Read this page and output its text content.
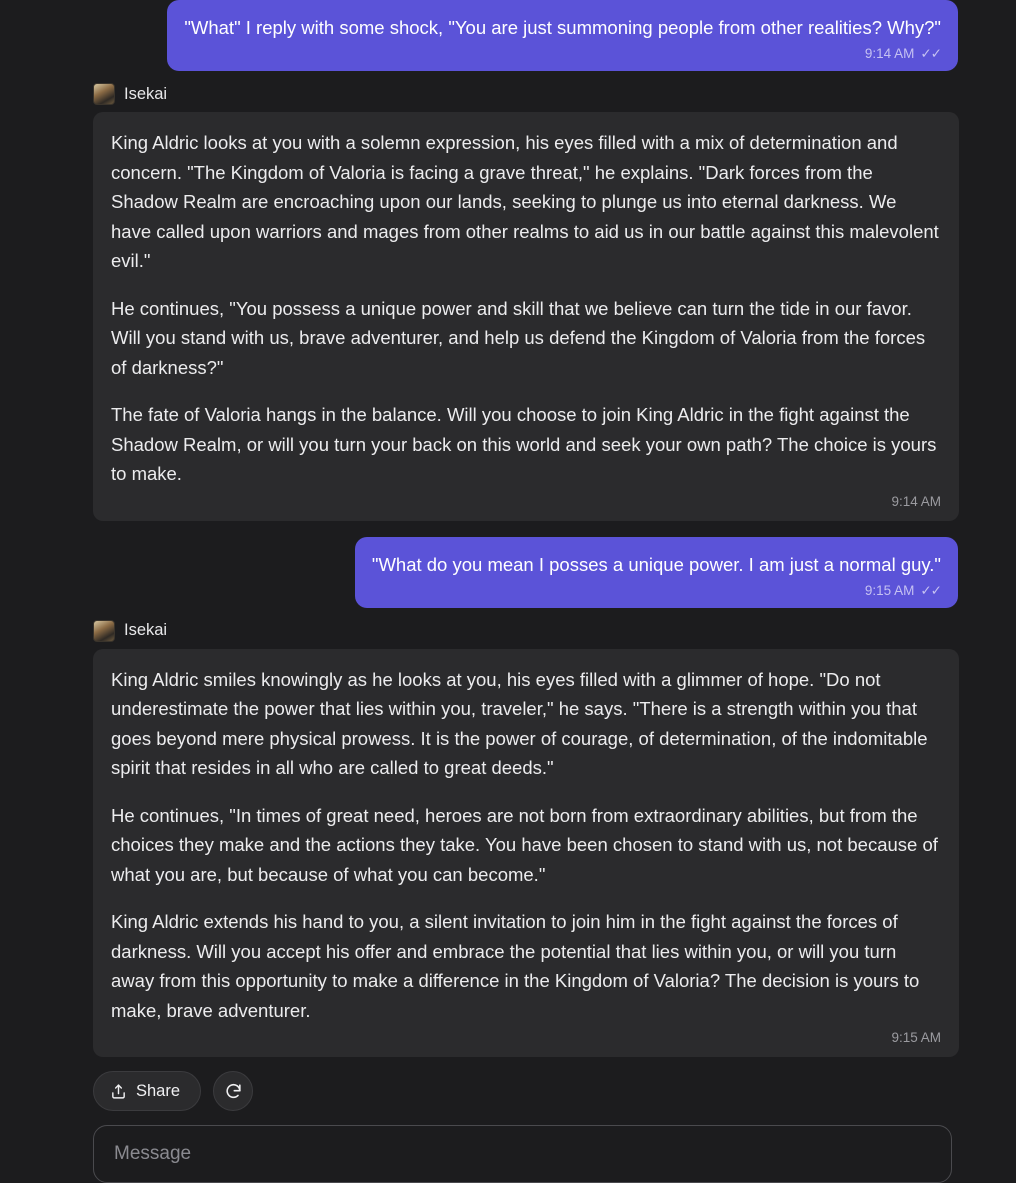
"What" I reply with some shock, "You are just summoning people from other realities? Why?"
9:14 AM ✓✓
Isekai

King Aldric looks at you with a solemn expression, his eyes filled with a mix of determination and concern. "The Kingdom of Valoria is facing a grave threat," he explains. "Dark forces from the Shadow Realm are encroaching upon our lands, seeking to plunge us into eternal darkness. We have called upon warriors and mages from other realms to aid us in our battle against this malevolent evil."

He continues, "You possess a unique power and skill that we believe can turn the tide in our favor. Will you stand with us, brave adventurer, and help us defend the Kingdom of Valoria from the forces of darkness?"

The fate of Valoria hangs in the balance. Will you choose to join King Aldric in the fight against the Shadow Realm, or will you turn your back on this world and seek your own path? The choice is yours to make.

9:14 AM
"What do you mean I posses a unique power. I am just a normal guy."
9:15 AM ✓✓
Isekai

King Aldric smiles knowingly as he looks at you, his eyes filled with a glimmer of hope. "Do not underestimate the power that lies within you, traveler," he says. "There is a strength within you that goes beyond mere physical prowess. It is the power of courage, of determination, of the indomitable spirit that resides in all who are called to great deeds."

He continues, "In times of great need, heroes are not born from extraordinary abilities, but from the choices they make and the actions they take. You have been chosen to stand with us, not because of what you are, but because of what you can become."

King Aldric extends his hand to you, a silent invitation to join him in the fight against the forces of darkness. Will you accept his offer and embrace the potential that lies within you, or will you turn away from this opportunity to make a difference in the Kingdom of Valoria? The decision is yours to make, brave adventurer.

9:15 AM
Share
Message
